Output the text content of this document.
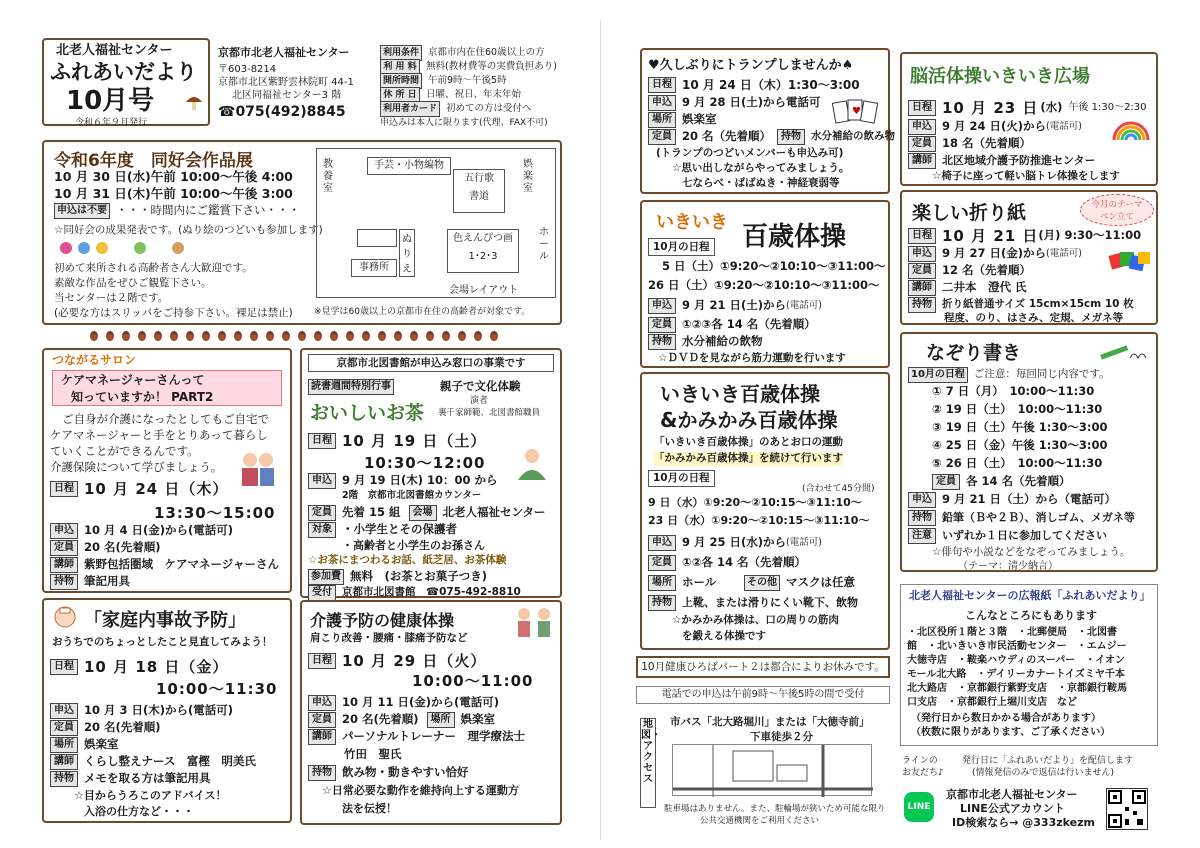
北老人福祉センター
ふれあいだより
10月号
令和６年９月発行
京都市北老人福祉センター
〒603-8214
京都市北区紫野雲林院町 44-1
北区同福祉センター3 階
☎075(492)8845
利用条件 京都市内在住60歳以上の方
利 用 料 無料(教材費等の実費負担あり)
開所時間 午前9時～午後5時
休 所 日 日曜、祝日、年末年始
利用者カード 初めての方は受付へ
申込みは本人に限ります(代理、FAX不可)
令和6年度　同好会作品展
10 月 30 日(水)午前 10:00～午後 4:00
10 月 31 日(木)午前 10:00～午後 3:00
申込は不要 ・・・時間内にご鑑賞下さい・・・
☆同好会の成果発表です。(ぬり絵のつどいも参加します)
初めて来所される高齢者さん大歓迎です。
素敵な作品をぜひご観覧下さい。
当センターは２階です。
(必要な方はスリッパをご持参下さい。裸足は禁止)
手芸・小物編物
教養室
五行歌
書道
娯楽室
ホール
ぬりえ
事務所
色えんぴつ画
1･2･3
会場レイアウト
※見学は60歳以上の京都市在住の高齢者が対象です。
つながるサロン
ケアマネージャーさんって
知っていますか！ PART2
ご自身が介護になったとしてもご自宅で
ケアマネージャーと手をとりあって暮らし
ていくことができるんです。
介護保険について学びましょう。
日程 10 月 24 日（木）
13:30～15:00
申込 10 月 4 日(金)から(電話可)
定員 20 名(先着順)
講師 紫野包括圏域　ケアマネージャーさん
持物 筆記用具
京都市北図書館が申込み窓口の事業です
読書週間特別行事	親子で文化体験
おいしいお茶
演者
裏千家師範、北図書館職員
日程 10 月 19 日（土）
10:30～12:00
申込 9 月 19 日(木) 10：00 から
2階　京都市北図書館カウンター
定員 先着 15 組	会場 北老人福祉センター
対象 ・小学生とその保護者
・高齢者と小学生のお孫さん
☆お茶にまつわるお話、紙芝居、お茶体験
参加費 無料　(お茶とお菓子つき)
受付 京都市北図書館　☎075-492-8810
「家庭内事故予防」
おうちでのちょっとしたこと見直してみよう！
日程 10 月 18 日（金）
10:00～11:30
申込 10 月 3 日(木)から(電話可)
定員 20 名(先着順)
場所 娯楽室
講師 くらし整えナース　富樫　明美氏
持物 メモを取る方は筆記用具
☆目からうろこのアドバイス！
入浴の仕方など・・・
介護予防の健康体操
肩こり改善・腰痛・膝痛予防など
日程 10 月 29 日（火）
10:00～11:00
申込 10 月 11 日(金)から(電話可)
定員 20 名(先着順)	場所 娯楽室
講師 パーソナルトレーナー　理学療法士
竹田　聖氏
持物 飲み物・動きやすい恰好
☆日常必要な動作を維持向上する運動方
法を伝授！
♥久しぶりにトランプしませんか♠
日程 10 月 24 日（木）1:30～3:00
申込 9 月 28 日(土)から電話可
場所 娯楽室
♥
定員 20 名（先着順）	持物 水分補給の飲み物
(トランプのつどいメンバーも申込み可)
☆思い出しながらやってみましょう。
七ならべ・ばばぬき・神経衰弱等
脳活体操いきいき広場
日程 10 月 23 日 (水) 午後 1:30～2:30
申込 9 月 24 日(火)から (電話可)
定員 18 名（先着順）
講師 北区地域介護予防推進センター
☆椅子に座って軽い脳トレ体操をします
いきいき 百歳体操
10月の日程
5 日（土）①9:20～②10:10～③11:00～
26 日（土）①9:20～②10:10～③11:00～
申込 9 月 21 日(土)から (電話可)
定員 ①②③各 14 名（先着順）
持物 水分補給の飲物
☆ＤＶＤを見ながら筋力運動を行います
楽しい折り紙	今月のテーマ
ペン立て
日程 10 月 21 日 (月) 9:30～11:00
申込 9 月 27 日(金)から (電話可)
定員 12 名（先着順）
講師 二井本　澄代 氏
持物 折り紙普通サイズ 15cm×15cm 10 枚
程度、のり、はさみ、定規、メガネ等
いきいき百歳体操
&かみかみ百歳体操
「いきいき百歳体操」のあとお口の運動
「かみかみ百歳体操」を続けて行います
10月の日程
(合わせて45分間)
9 日（水）①9:20～②10:15～③11:10～
23 日（水）①9:20～②10:15～③11:10～
申込 9 月 25 日(水)から (電話可)
定員 ①②各 14 名（先着順）
場所 ホール	その他 マスクは任意
持物 上靴、または滑りにくい靴下、飲物
☆かみかみ体操は、口の周りの筋肉
を鍛える体操です
なぞり書き
10月の日程 ご注意：毎回同じ内容です。
① 7 日（月）　10:00～11:30
② 19 日（土）　10:00～11:30
③ 19 日（土）午後 1:30～3:00
④ 25 日（金）午後 1:30～3:00
⑤ 26 日（土）　10:00～11:30
定員 各 14 名（先着順）
申込 9 月 21 日（土）から（電話可）
持物 鉛筆（Ｂや２Ｂ）、消しゴム、メガネ等
注意 いずれか１日に参加してください
☆俳句や小説などをなぞってみましょう。
（テーマ：清少納言）
10月健康ひろばパート２は都合によりお休みです。
電話での申込は午前9時～午後5時の間で受付
地図・アクセス
市バス「北大路堀川」または「大徳寺前」
下車徒歩２分
駐車場はありません。また、駐輪場が狭いため可能な限り
公共交通機関をご利用ください
北老人福祉センターの広報紙「ふれあいだより」
こんなところにもあります
・北区役所１階と３階　・北郵便局　・北図書
館　・北いきいき市民活動センター　・エムジー
大徳寺店　・鞍楽ハウディのスーパー　・イオン
モール北大路　・デイリーカナートイズミヤ千本
北大路店　・京都銀行紫野支店　・京都銀行鞍馬
口支店　・京都銀行上堀川支店　など
（発行日から数日かかる場合があります）
（枚数に限りがあります、ご了承ください）
ラインの
お友だち♪
発行日に「ふれあいだより」を配信します
(情報発信のみで返信は行いません)
LINE
京都市北老人福祉センター
LINE公式アカウント
ID検索なら→ @333zkezm
